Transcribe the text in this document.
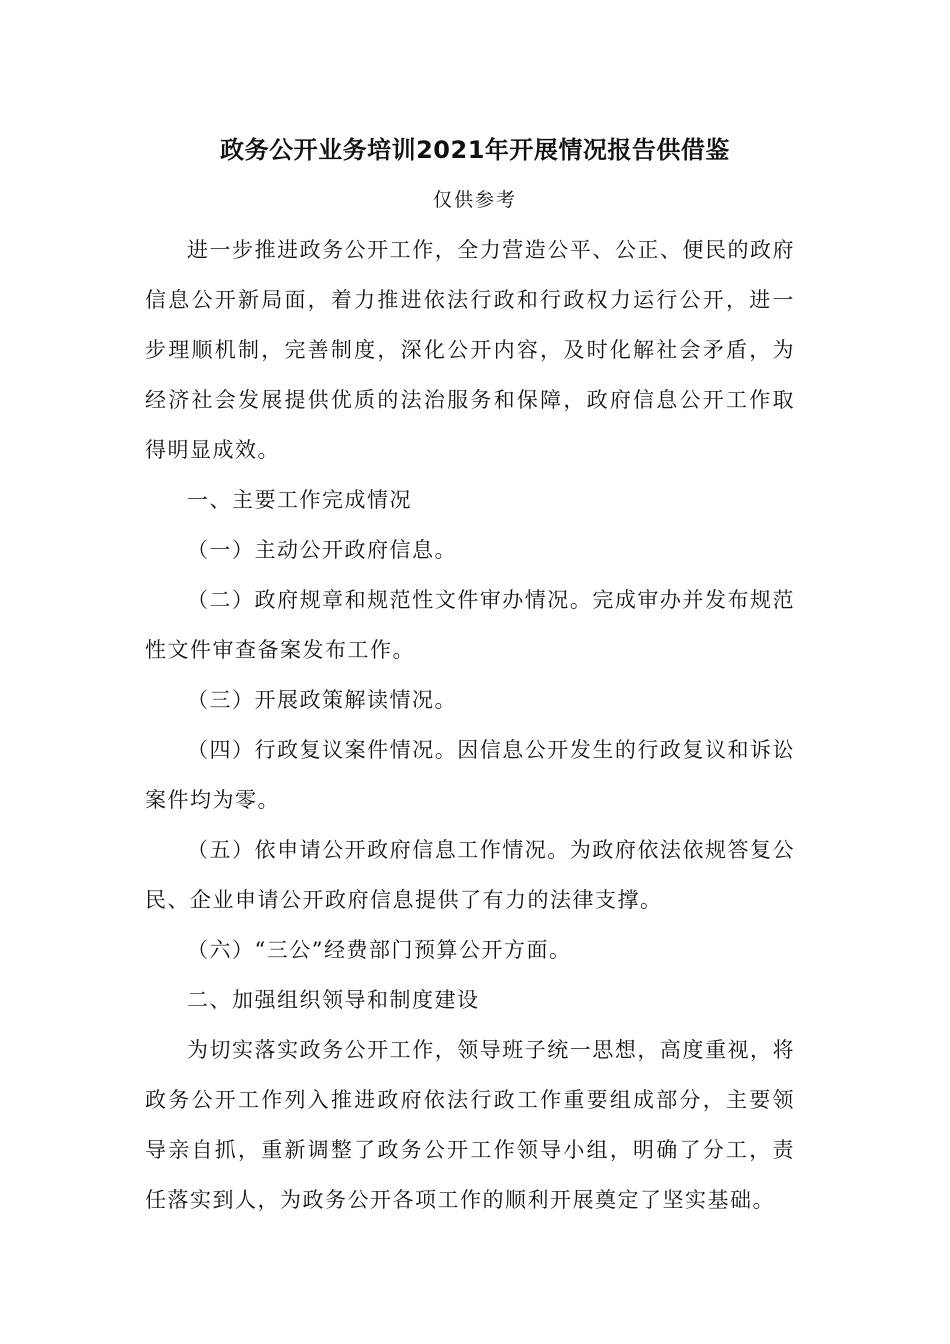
政务公开业务培训2021年开展情况报告供借鉴
仅供参考

进一步推进政务公开工作，全力营造公平、公正、便民的政府信息公开新局面，着力推进依法行政和行政权力运行公开，进一步理顺机制，完善制度，深化公开内容，及时化解社会矛盾，为经济社会发展提供优质的法治服务和保障，政府信息公开工作取得明显成效。

一、主要工作完成情况

（一）主动公开政府信息。

（二）政府规章和规范性文件审办情况。完成审办并发布规范性文件审查备案发布工作。

（三）开展政策解读情况。

（四）行政复议案件情况。因信息公开发生的行政复议和诉讼案件均为零。

（五）依申请公开政府信息工作情况。为政府依法依规答复公民、企业申请公开政府信息提供了有力的法律支撑。

（六）“三公”经费部门预算公开方面。

二、加强组织领导和制度建设

为切实落实政务公开工作，领导班子统一思想，高度重视，将政务公开工作列入推进政府依法行政工作重要组成部分，主要领导亲自抓，重新调整了政务公开工作领导小组，明确了分工，责任落实到人，为政务公开各项工作的顺利开展奠定了坚实基础。
